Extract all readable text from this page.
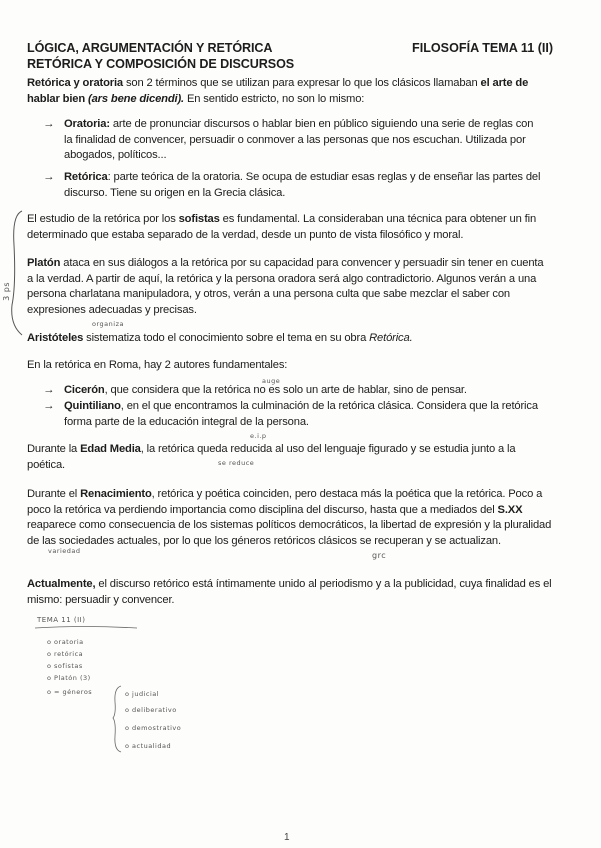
LÓGICA, ARGUMENTACIÓN Y RETÓRICA
RETÓRICA Y COMPOSICIÓN DE DISCURSOS
FILOSOFÍA TEMA 11 (II)
Retórica y oratoria son 2 términos que se utilizan para expresar lo que los clásicos llamaban el arte de hablar bien (ars bene dicendi). En sentido estricto, no son lo mismo:
→ Oratoria: arte de pronunciar discursos o hablar bien en público siguiendo una serie de reglas con la finalidad de convencer, persuadir o conmover a las personas que nos escuchan. Utilizada por abogados, políticos...
→ Retórica: parte teórica de la oratoria. Se ocupa de estudiar esas reglas y de enseñar las partes del discurso. Tiene su origen en la Grecia clásica.
El estudio de la retórica por los sofistas es fundamental. La consideraban una técnica para obtener un fin determinado que estaba separado de la verdad, desde un punto de vista filosófico y moral.
Platón ataca en sus diálogos a la retórica por su capacidad para convencer y persuadir sin tener en cuenta a la verdad. A partir de aquí, la retórica y la persona oradora será algo contradictorio. Algunos verán a una persona charlatana manipuladora, y otros, verán a una persona culta que sabe mezclar el saber con expresiones adecuadas y precisas.
organiza
Aristóteles sistematiza todo el conocimiento sobre el tema en su obra Retórica.
En la retórica en Roma, hay 2 autores fundamentales:
auge
→ Cicerón, que considera que la retórica no es solo un arte de hablar, sino de pensar.
→ Quintiliano, en el que encontramos la culminación de la retórica clásica. Considera que la retórica forma parte de la educación integral de la persona.
e.i.p
Durante la Edad Media, la retórica queda reducida al uso del lenguaje figurado y se estudia junto a la poética.	se reduce
Durante el Renacimiento, retórica y poética coinciden, pero destaca más la poética que la retórica. Poco a poco la retórica va perdiendo importancia como disciplina del discurso, hasta que a mediados del S.XX reaparece como consecuencia de los sistemas políticos democráticos, la libertad de expresión y la pluralidad de las sociedades actuales, por lo que los géneros retóricos clásicos se recuperan y se actualizan.
variedad	grc
Actualmente, el discurso retórico está íntimamente unido al periodismo y a la publicidad, cuya finalidad es el mismo: persuadir y convencer.
3 ps
TEMA 11 (II)
o oratoria
o retórica
o sofistas
o Platón (3)
o = géneros	o judicial
o deliberativo
o demostrativo
o actualidad
1
